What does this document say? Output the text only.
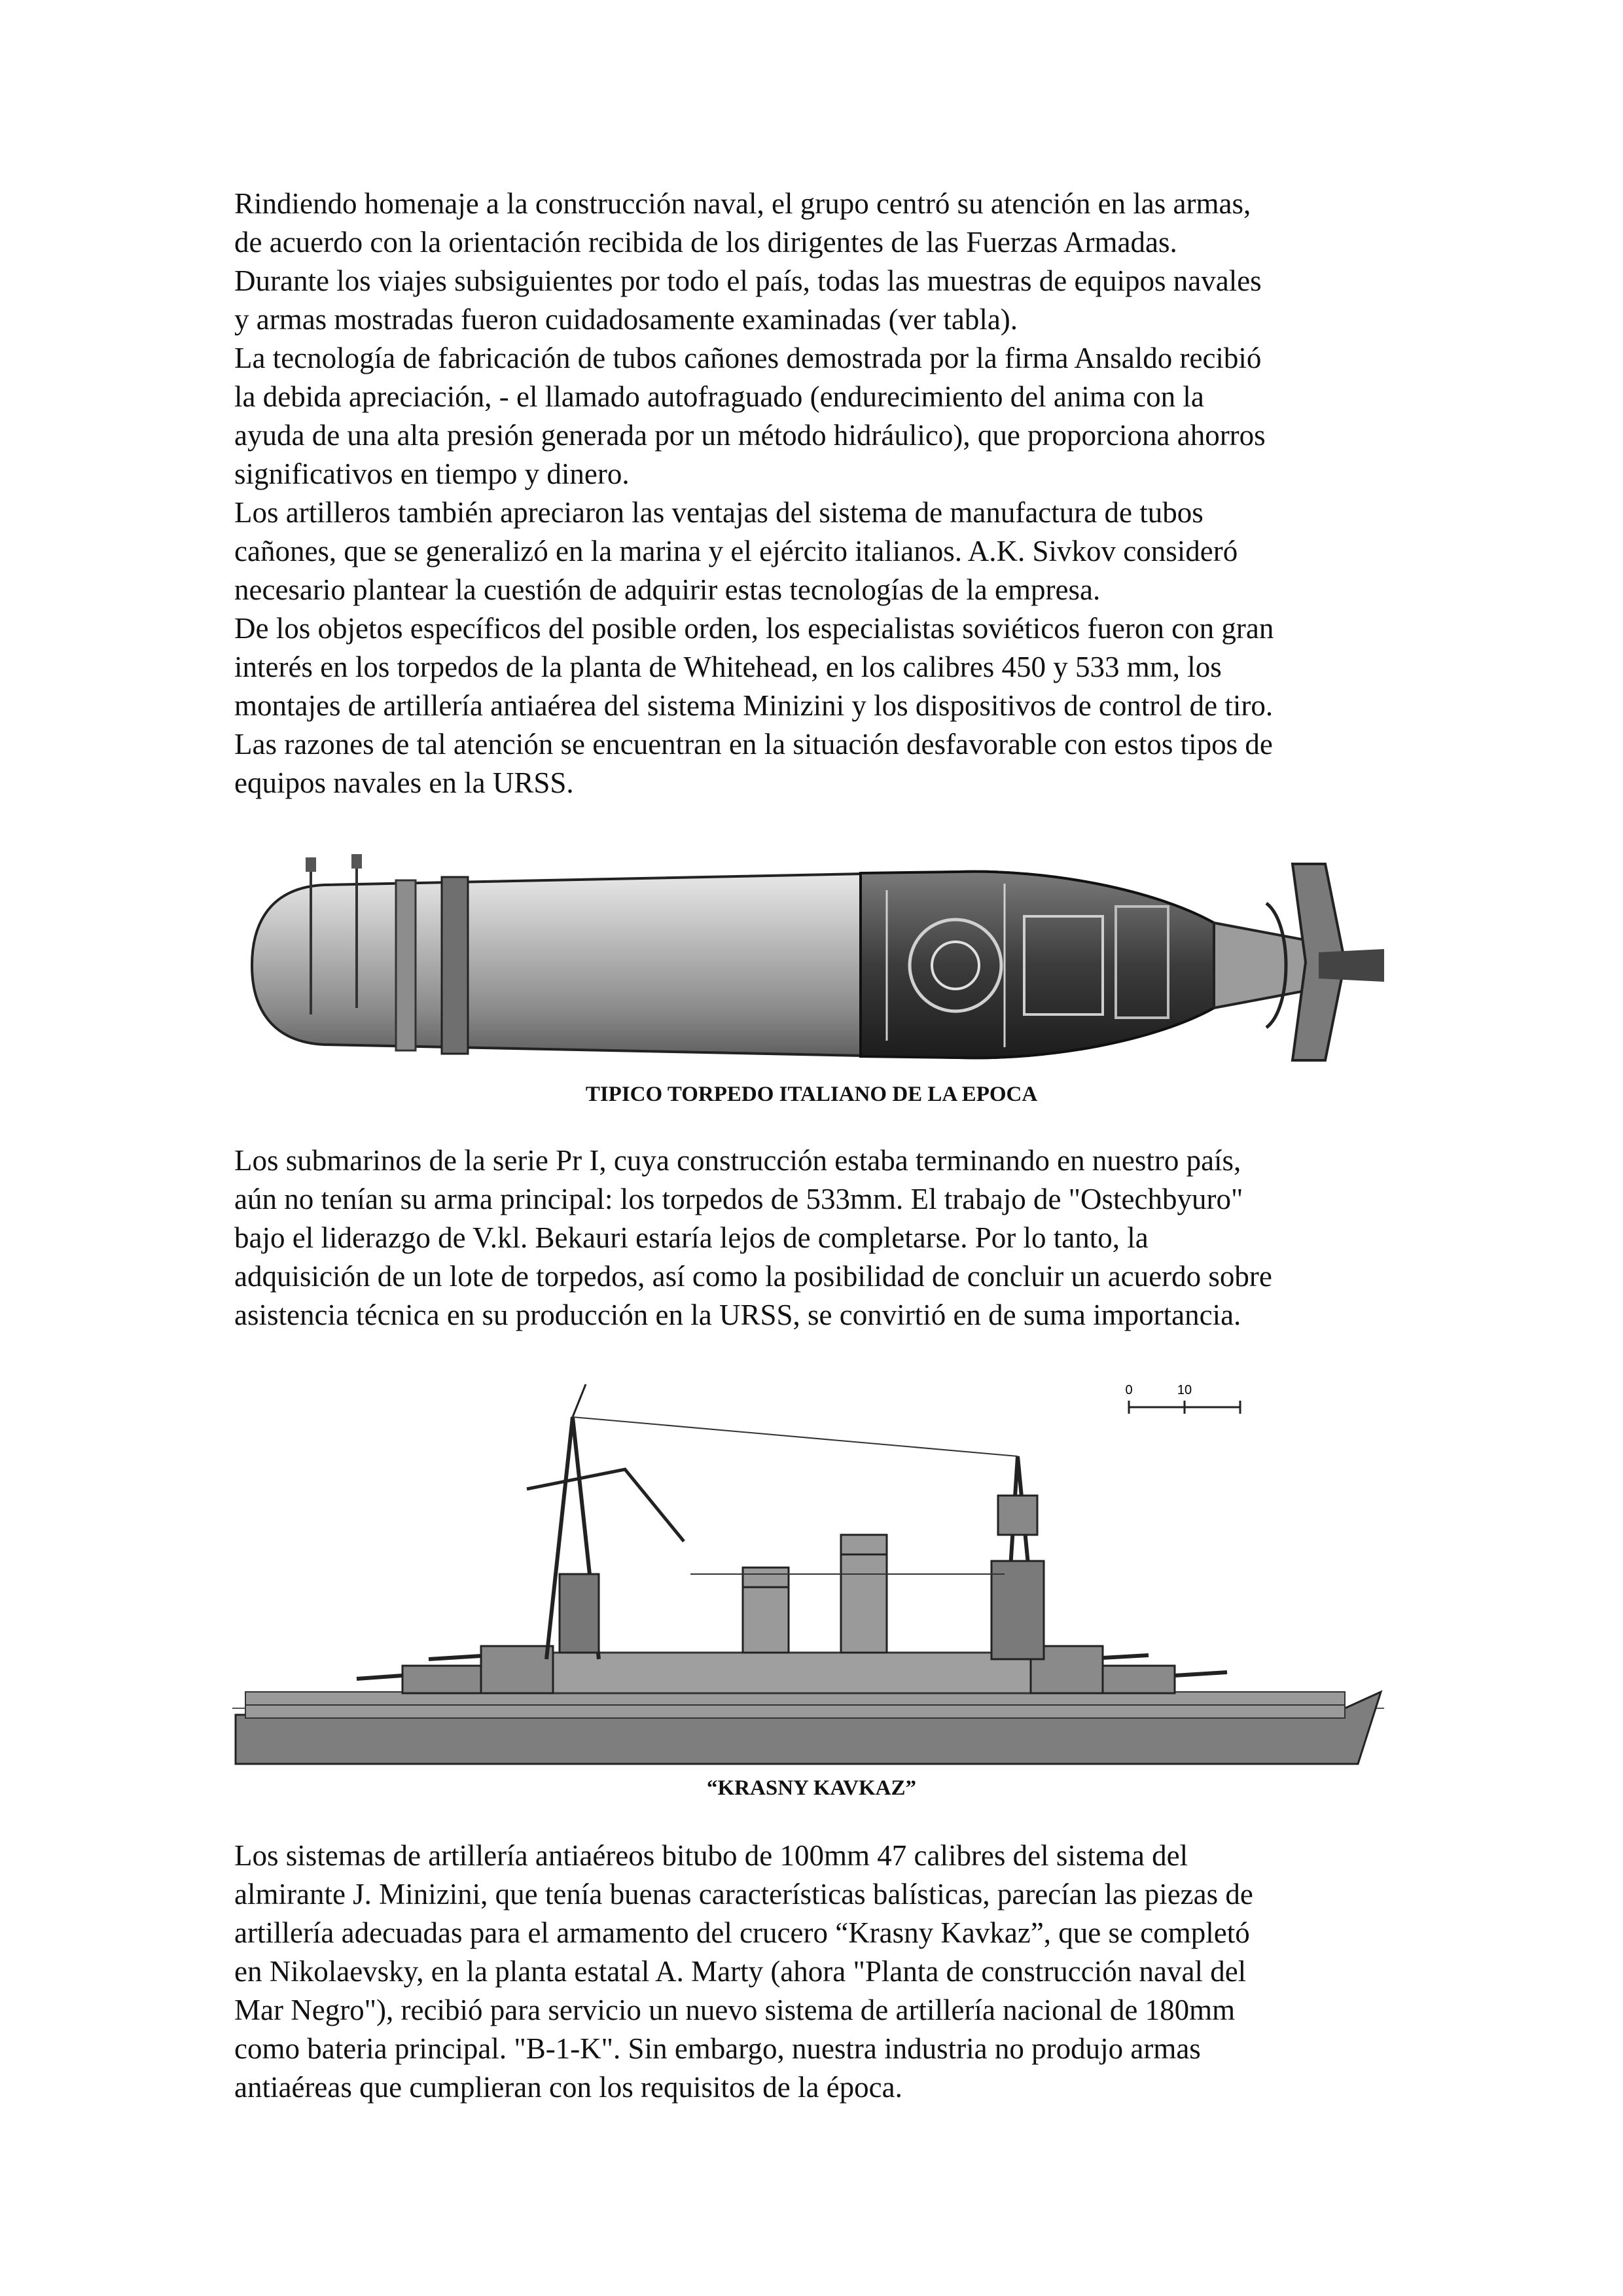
Rindiendo homenaje a la construcción naval, el grupo centró su atención en las armas,
de acuerdo con la orientación recibida de los dirigentes de las Fuerzas Armadas.
Durante los viajes subsiguientes por todo el país, todas las muestras de equipos navales
y armas mostradas fueron cuidadosamente examinadas (ver tabla).
La tecnología de fabricación de tubos cañones demostrada por la firma Ansaldo recibió
la debida apreciación, - el llamado autofraguado (endurecimiento del anima con la
ayuda de una alta presión generada por un método hidráulico), que proporciona ahorros
significativos en tiempo y dinero.
Los artilleros también apreciaron las ventajas del sistema de manufactura de tubos
cañones, que se generalizó en la marina y el ejército italianos. A.K. Sivkov consideró
necesario plantear la cuestión de adquirir estas tecnologías de la empresa.
De los objetos específicos del posible orden, los especialistas soviéticos fueron con gran
interés en los torpedos de la planta de Whitehead, en los calibres 450 y 533 mm, los
montajes de artillería antiaérea del sistema Minizini y los dispositivos de control de tiro.
Las razones de tal atención se encuentran en la situación desfavorable con estos tipos de
equipos navales en la URSS.

TIPICO TORPEDO ITALIANO DE LA EPOCA

Los submarinos de la serie Pr I, cuya construcción estaba terminando en nuestro país,
aún no tenían su arma principal: los torpedos de 533mm. El trabajo de "Ostechbyuro"
bajo el liderazgo de V.kl. Bekauri estaría lejos de completarse. Por lo tanto, la
adquisición de un lote de torpedos, así como la posibilidad de concluir un acuerdo sobre
asistencia técnica en su producción en la URSS, se convirtió en de suma importancia.
0	10

“KRASNY KAVKAZ”

Los sistemas de artillería antiaéreos bitubo de 100mm 47 calibres del sistema del
almirante J. Minizini, que tenía buenas características balísticas, parecían las piezas de
artillería adecuadas para el armamento del crucero “Krasny Kavkaz”, que se completó
en Nikolaevsky, en la planta estatal A. Marty (ahora "Planta de construcción naval del
Mar Negro"), recibió para servicio un nuevo sistema de artillería nacional de 180mm
como bateria principal. "B-1-K". Sin embargo, nuestra industria no produjo armas
antiaéreas que cumplieran con los requisitos de la época.
